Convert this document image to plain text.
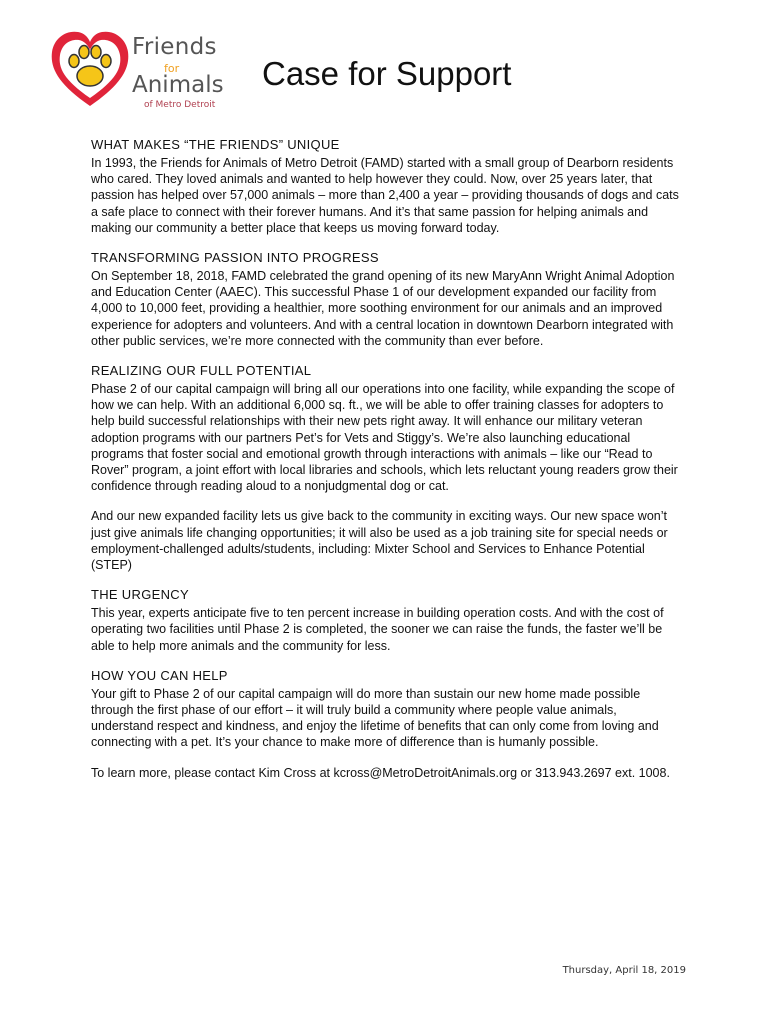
Friends
for
Animals
of Metro Detroit
Case for Support
WHAT MAKES “THE FRIENDS” UNIQUE

In 1993, the Friends for Animals of Metro Detroit (FAMD) started with a small group of Dearborn residents who cared. They loved animals and wanted to help however they could. Now, over 25 years later, that passion has helped over 57,000 animals – more than 2,400 a year – providing thousands of dogs and cats a safe place to connect with their forever humans. And it’s that same passion for helping animals and making our community a better place that keeps us moving forward today.

TRANSFORMING PASSION INTO PROGRESS

On September 18, 2018, FAMD celebrated the grand opening of its new MaryAnn Wright Animal Adoption and Education Center (AAEC). This successful Phase 1 of our development expanded our facility from 4,000 to 10,000 feet, providing a healthier, more soothing environment for our animals and an improved experience for adopters and volunteers. And with a central location in downtown Dearborn integrated with other public services, we’re more connected with the community than ever before.

REALIZING OUR FULL POTENTIAL

Phase 2 of our capital campaign will bring all our operations into one facility, while expanding the scope of how we can help. With an additional 6,000 sq. ft., we will be able to offer training classes for adopters to help build successful relationships with their new pets right away. It will enhance our military veteran adoption programs with our partners Pet’s for Vets and Stiggy’s. We’re also launching educational programs that foster social and emotional growth through interactions with animals – like our “Read to Rover” program, a joint effort with local libraries and schools, which lets reluctant young readers grow their confidence through reading aloud to a nonjudgmental dog or cat.

And our new expanded facility lets us give back to the community in exciting ways. Our new space won’t just give animals life changing opportunities; it will also be used as a job training site for special needs or employment-challenged adults/students, including: Mixter School and Services to Enhance Potential (STEP)

THE URGENCY

This year, experts anticipate five to ten percent increase in building operation costs. And with the cost of operating two facilities until Phase 2 is completed, the sooner we can raise the funds, the faster we’ll be able to help more animals and the community for less.

HOW YOU CAN HELP

Your gift to Phase 2 of our capital campaign will do more than sustain our new home made possible through the first phase of our effort – it will truly build a community where people value animals, understand respect and kindness, and enjoy the lifetime of benefits that can only come from loving and connecting with a pet. It’s your chance to make more of difference than is humanly possible.

To learn more, please contact Kim Cross at kcross@MetroDetroitAnimals.org or 313.943.2697 ext. 1008.

Thursday, April 18, 2019
